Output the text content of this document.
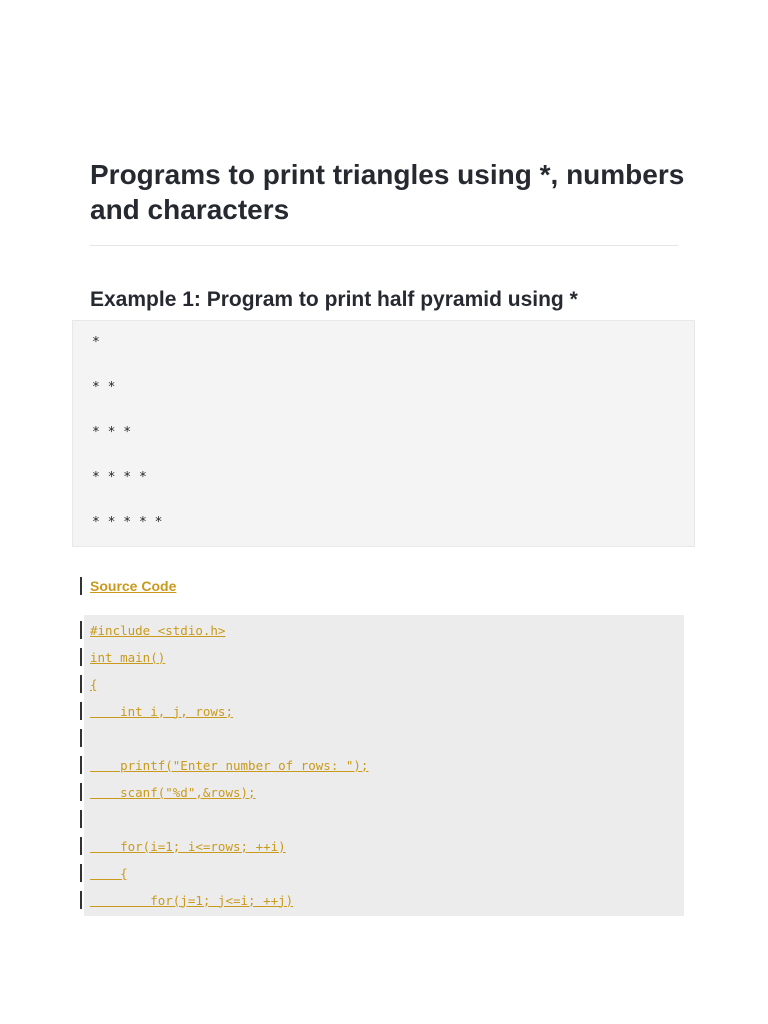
Programs to print triangles using *, numbers and characters
Example 1: Program to print half pyramid using *
*
* *
* * *
* * * *
* * * * *
Source Code
#include <stdio.h>
int main()
{
int i, j, rows;
printf("Enter number of rows: ");
scanf("%d",&rows);
for(i=1; i<=rows; ++i)
{
for(j=1; j<=i; ++j)
